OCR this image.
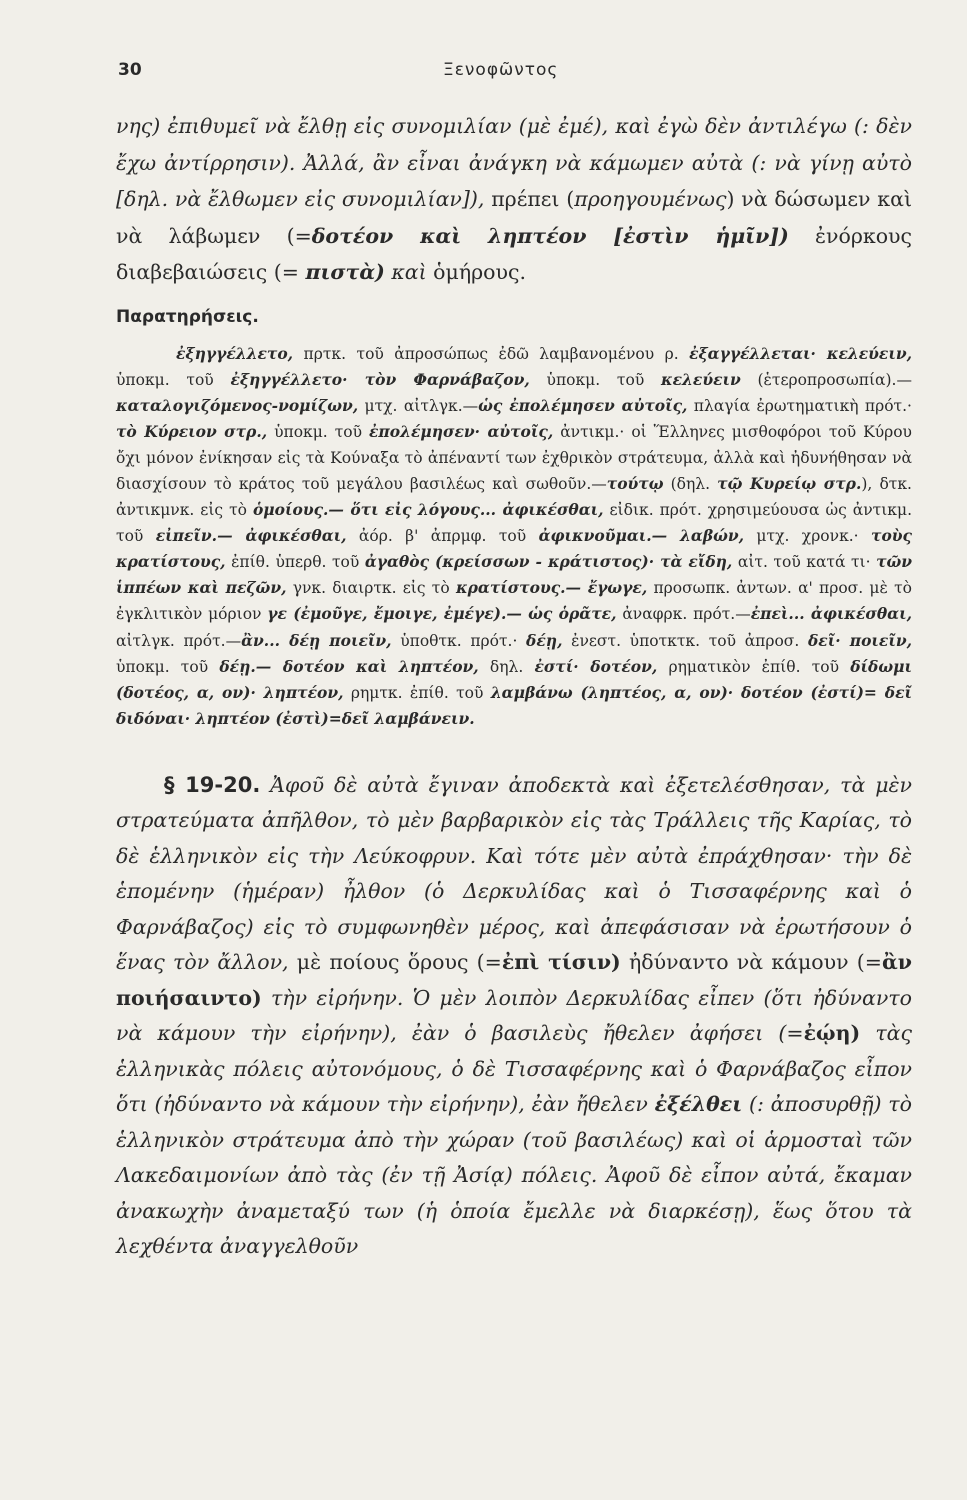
30	Ξενοφῶντος

νης) ἐπιθυμεῖ νὰ ἔλθῃ εἰς συνομιλίαν (μὲ ἐμέ), καὶ ἐγὼ δὲν ἀντιλέγω (: δὲν ἔχω ἀντίρρησιν). Ἀλλά, ἂν εἶναι ἀνάγκη νὰ κάμωμεν αὐτὰ (: νὰ γίνῃ αὐτὸ [δηλ. νὰ ἔλθωμεν εἰς συνομιλίαν]), πρέπει (προηγουμένως) νὰ δώσωμεν καὶ νὰ λάβωμεν (=δοτέον καὶ ληπτέον [ἐστὶν ἡμῖν]) ἐνόρκους διαβεβαιώσεις (= πιστὰ) καὶ ὁμήρους.

Παρατηρήσεις.

ἐξηγγέλλετο, πρτκ. τοῦ ἀπροσώπως ἐδῶ λαμβανομένου ρ. ἐξαγγέλλεται· κελεύειν, ὑποκμ. τοῦ ἐξηγγέλλετο· τὸν Φαρνάβαζον, ὑποκμ. τοῦ κελεύειν (ἑτεροπροσωπία).— καταλογιζόμενος-νομίζων, μτχ. αἰτλγκ.—ὡς ἐπολέμησεν αὐτοῖς, πλαγία ἐρωτηματικὴ πρότ.· τὸ Κύρειον στρ., ὑποκμ. τοῦ ἐπολέμησεν· αὐτοῖς, ἀντικμ.· οἱ Ἕλληνες μισθοφόροι τοῦ Κύρου ὄχι μόνον ἐνίκησαν εἰς τὰ Κούναξα τὸ ἀπέναντί των ἐχθρικὸν στράτευμα, ἀλλὰ καὶ ἠδυνήθησαν νὰ διασχίσουν τὸ κράτος τοῦ μεγάλου βασιλέως καὶ σωθοῦν.—τούτῳ (δηλ. τῷ Κυρείῳ στρ.), δτκ. ἀντικμνκ. εἰς τὸ ὁμοίους.— ὅτι εἰς λόγους... ἀφικέσθαι, εἰδικ. πρότ. χρησιμεύουσα ὡς ἀντικμ. τοῦ εἰπεῖν.— ἀφικέσθαι, ἀόρ. β' ἀπρμφ. τοῦ ἀφικνοῦμαι.— λαβών, μτχ. χρονκ.· τοὺς κρατίστους, ἐπίθ. ὑπερθ. τοῦ ἀγαθὸς (κρείσσων - κράτιστος)· τὰ εἴδη, αἰτ. τοῦ κατά τι· τῶν ἱππέων καὶ πεζῶν, γνκ. διαιρτκ. εἰς τὸ κρατίστους.— ἔγωγε, προσωπκ. ἀντων. α' προσ. μὲ τὸ ἐγκλιτικὸν μόριον γε (ἐμοῦγε, ἔμοιγε, ἐμέγε).— ὡς ὁρᾶτε, ἀναφρκ. πρότ.—ἐπεὶ... ἀφικέσθαι, αἰτλγκ. πρότ.—ἂν... δέῃ ποιεῖν, ὑποθτκ. πρότ.· δέῃ, ἐνεστ. ὑποτκτκ. τοῦ ἀπροσ. δεῖ· ποιεῖν, ὑποκμ. τοῦ δέῃ.— δοτέον καὶ ληπτέον, δηλ. ἐστί· δοτέον, ρηματικὸν ἐπίθ. τοῦ δίδωμι (δοτέος, α, ον)· ληπτέον, ρημτκ. ἐπίθ. τοῦ λαμβάνω (ληπτέος, α, ον)· δοτέον (ἐστί)= δεῖ διδόναι· ληπτέον (ἐστὶ)=δεῖ λαμβάνειν.

§ 19-20. Ἀφοῦ δὲ αὐτὰ ἔγιναν ἀποδεκτὰ καὶ ἐξετελέσθησαν, τὰ μὲν στρατεύματα ἀπῆλθον, τὸ μὲν βαρβαρικὸν εἰς τὰς Τράλλεις τῆς Καρίας, τὸ δὲ ἑλληνικὸν εἰς τὴν Λεύκοφρυν. Καὶ τότε μὲν αὐτὰ ἐπράχθησαν· τὴν δὲ ἑπομένην (ἡμέραν) ἦλθον (ὁ Δερκυλίδας καὶ ὁ Τισσαφέρνης καὶ ὁ Φαρνάβαζος) εἰς τὸ συμφωνηθὲν μέρος, καὶ ἀπεφάσισαν νὰ ἐρωτήσουν ὁ ἕνας τὸν ἄλλον, μὲ ποίους ὅρους (=ἐπὶ τίσιν) ἠδύναντο νὰ κάμουν (=ἂν ποιήσαιντο) τὴν εἰρήνην. Ὁ μὲν λοιπὸν Δερκυλίδας εἶπεν (ὅτι ἠδύναντο νὰ κάμουν τὴν εἰρήνην), ἐὰν ὁ βασιλεὺς ἤθελεν ἀφήσει (=ἐῴη) τὰς ἑλληνικὰς πόλεις αὐτονόμους, ὁ δὲ Τισσαφέρνης καὶ ὁ Φαρνάβαζος εἶπον ὅτι (ἠδύναντο νὰ κάμουν τὴν εἰρήνην), ἐὰν ἤθελεν ἐξέλθει (: ἀποσυρθῇ) τὸ ἑλληνικὸν στράτευμα ἀπὸ τὴν χώραν (τοῦ βασιλέως) καὶ οἱ ἁρμοσταὶ τῶν Λακεδαιμονίων ἀπὸ τὰς (ἐν τῇ Ἀσίᾳ) πόλεις. Ἀφοῦ δὲ εἶπον αὐτά, ἔκαμαν ἀνακωχὴν ἀναμεταξύ των (ἡ ὁποία ἔμελλε νὰ διαρκέσῃ), ἕως ὅτου τὰ λεχθέντα ἀναγγελθοῦν
